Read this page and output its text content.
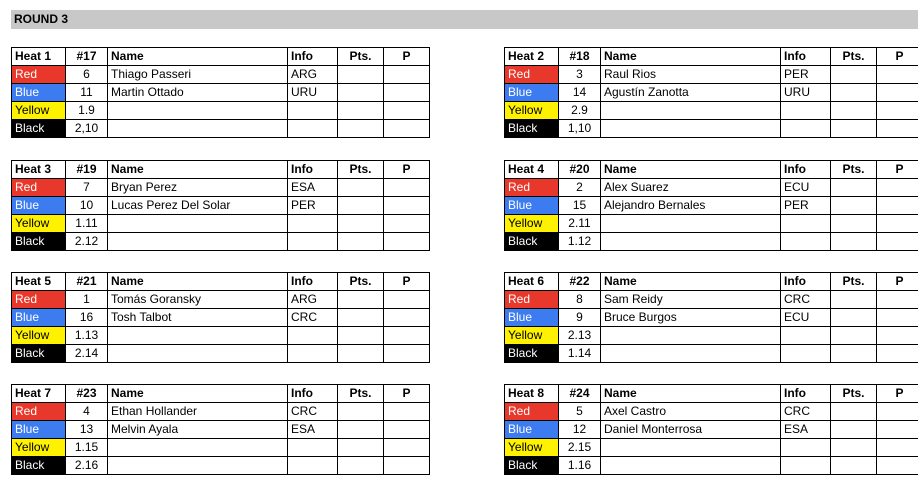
ROUND 3
Heat 1	#17	Name	Info	Pts.	P
Red	6	Thiago Passeri	ARG		
Blue	11	Martin Ottado	URU		
Yellow	1.9				
Black	2,10				
Heat 2	#18	Name	Info	Pts.	P
Red	3	Raul Rios	PER		
Blue	14	Agustín Zanotta	URU		
Yellow	2.9				
Black	1,10				
Heat 3	#19	Name	Info	Pts.	P
Red	7	Bryan Perez	ESA		
Blue	10	Lucas Perez Del Solar	PER		
Yellow	1.11				
Black	2.12				
Heat 4	#20	Name	Info	Pts.	P
Red	2	Alex Suarez	ECU		
Blue	15	Alejandro Bernales	PER		
Yellow	2.11				
Black	1.12				
Heat 5	#21	Name	Info	Pts.	P
Red	1	Tomás Goransky	ARG		
Blue	16	Tosh Talbot	CRC		
Yellow	1.13				
Black	2.14				
Heat 6	#22	Name	Info	Pts.	P
Red	8	Sam Reidy	CRC		
Blue	9	Bruce Burgos	ECU		
Yellow	2.13				
Black	1.14				
Heat 7	#23	Name	Info	Pts.	P
Red	4	Ethan Hollander	CRC		
Blue	13	Melvin Ayala	ESA		
Yellow	1.15				
Black	2.16				
Heat 8	#24	Name	Info	Pts.	P
Red	5	Axel Castro	CRC		
Blue	12	Daniel Monterrosa	ESA		
Yellow	2.15				
Black	1.16				
